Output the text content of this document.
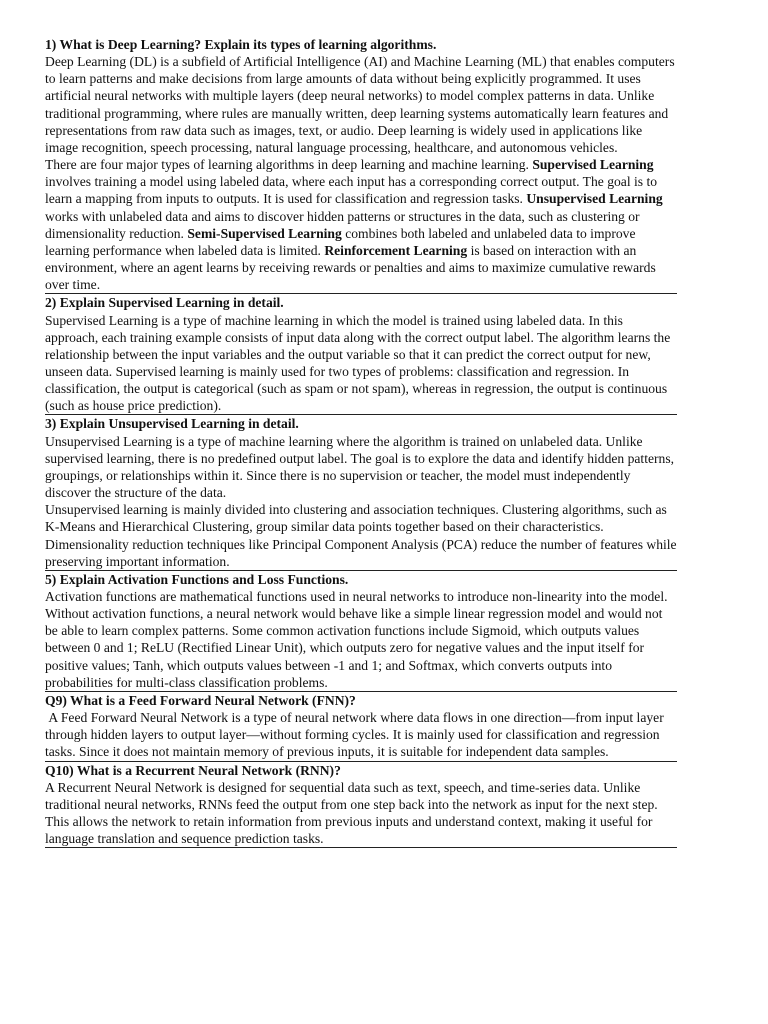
1) What is Deep Learning? Explain its types of learning algorithms.

Deep Learning (DL) is a subfield of Artificial Intelligence (AI) and Machine Learning (ML) that enables computers to learn patterns and make decisions from large amounts of data without being explicitly programmed. It uses artificial neural networks with multiple layers (deep neural networks) to model complex patterns in data. Unlike traditional programming, where rules are manually written, deep learning systems automatically learn features and representations from raw data such as images, text, or audio. Deep learning is widely used in applications like image recognition, speech processing, natural language processing, healthcare, and autonomous vehicles.

There are four major types of learning algorithms in deep learning and machine learning. Supervised Learning involves training a model using labeled data, where each input has a corresponding correct output. The goal is to learn a mapping from inputs to outputs. It is used for classification and regression tasks. Unsupervised Learning works with unlabeled data and aims to discover hidden patterns or structures in the data, such as clustering or dimensionality reduction. Semi-Supervised Learning combines both labeled and unlabeled data to improve learning performance when labeled data is limited. Reinforcement Learning is based on interaction with an environment, where an agent learns by receiving rewards or penalties and aims to maximize cumulative rewards over time.

2) Explain Supervised Learning in detail.

Supervised Learning is a type of machine learning in which the model is trained using labeled data. In this approach, each training example consists of input data along with the correct output label. The algorithm learns the relationship between the input variables and the output variable so that it can predict the correct output for new, unseen data. Supervised learning is mainly used for two types of problems: classification and regression. In classification, the output is categorical (such as spam or not spam), whereas in regression, the output is continuous (such as house price prediction).

3) Explain Unsupervised Learning in detail.

Unsupervised Learning is a type of machine learning where the algorithm is trained on unlabeled data. Unlike supervised learning, there is no predefined output label. The goal is to explore the data and identify hidden patterns, groupings, or relationships within it. Since there is no supervision or teacher, the model must independently discover the structure of the data.

Unsupervised learning is mainly divided into clustering and association techniques. Clustering algorithms, such as K-Means and Hierarchical Clustering, group similar data points together based on their characteristics. Dimensionality reduction techniques like Principal Component Analysis (PCA) reduce the number of features while preserving important information.

5) Explain Activation Functions and Loss Functions.

Activation functions are mathematical functions used in neural networks to introduce non-linearity into the model. Without activation functions, a neural network would behave like a simple linear regression model and would not be able to learn complex patterns. Some common activation functions include Sigmoid, which outputs values between 0 and 1; ReLU (Rectified Linear Unit), which outputs zero for negative values and the input itself for positive values; Tanh, which outputs values between -1 and 1; and Softmax, which converts outputs into probabilities for multi-class classification problems.

Q9) What is a Feed Forward Neural Network (FNN)?

A Feed Forward Neural Network is a type of neural network where data flows in one direction—from input layer through hidden layers to output layer—without forming cycles. It is mainly used for classification and regression tasks. Since it does not maintain memory of previous inputs, it is suitable for independent data samples.

Q10) What is a Recurrent Neural Network (RNN)?

A Recurrent Neural Network is designed for sequential data such as text, speech, and time-series data. Unlike traditional neural networks, RNNs feed the output from one step back into the network as input for the next step. This allows the network to retain information from previous inputs and understand context, making it useful for language translation and sequence prediction tasks.
